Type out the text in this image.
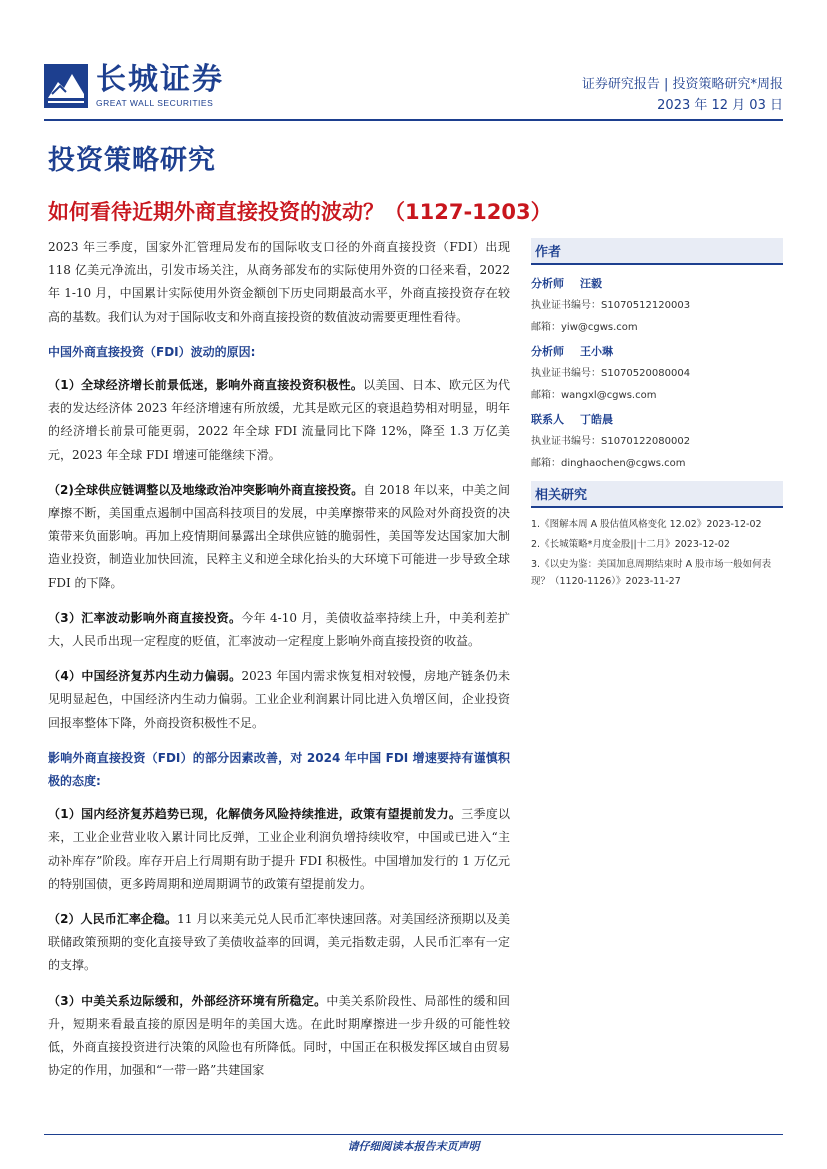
长城证券
GREAT WALL SECURITIES
证券研究报告 | 投资策略研究*周报
2023 年 12 月 03 日
投资策略研究
如何看待近期外商直接投资的波动？（1127-1203）

2023 年三季度，国家外汇管理局发布的国际收支口径的外商直接投资（FDI）出现 118 亿美元净流出，引发市场关注，从商务部发布的实际使用外资的口径来看，2022 年 1-10 月，中国累计实际使用外资金额创下历史同期最高水平，外商直接投资存在较高的基数。我们认为对于国际收支和外商直接投资的数值波动需要更理性看待。

中国外商直接投资（FDI）波动的原因:

（1）全球经济增长前景低迷，影响外商直接投资积极性。以美国、日本、欧元区为代表的发达经济体 2023 年经济增速有所放缓，尤其是欧元区的衰退趋势相对明显，明年的经济增长前景可能更弱，2022 年全球 FDI 流量同比下降 12%，降至 1.3 万亿美元，2023 年全球 FDI 增速可能继续下滑。

（2)全球供应链调整以及地缘政治冲突影响外商直接投资。自 2018 年以来，中美之间摩擦不断，美国重点遏制中国高科技项目的发展，中美摩擦带来的风险对外商投资的决策带来负面影响。再加上疫情期间暴露出全球供应链的脆弱性，美国等发达国家加大制造业投资，制造业加快回流，民粹主义和逆全球化抬头的大环境下可能进一步导致全球 FDI 的下降。

（3）汇率波动影响外商直接投资。今年 4-10 月，美债收益率持续上升，中美利差扩大，人民币出现一定程度的贬值，汇率波动一定程度上影响外商直接投资的收益。

（4）中国经济复苏内生动力偏弱。2023 年国内需求恢复相对较慢，房地产链条仍未见明显起色，中国经济内生动力偏弱。工业企业利润累计同比进入负增区间，企业投资回报率整体下降，外商投资积极性不足。

影响外商直接投资（FDI）的部分因素改善，对 2024 年中国 FDI 增速要持有谨慎积极的态度:

（1）国内经济复苏趋势已现，化解债务风险持续推进，政策有望提前发力。三季度以来，工业企业营业收入累计同比反弹，工业企业利润负增持续收窄，中国或已进入“主动补库存”阶段。库存开启上行周期有助于提升 FDI 积极性。中国增加发行的 1 万亿元的特别国债，更多跨周期和逆周期调节的政策有望提前发力。

（2）人民币汇率企稳。11 月以来美元兑人民币汇率快速回落。对美国经济预期以及美联储政策预期的变化直接导致了美债收益率的回调，美元指数走弱，人民币汇率有一定的支撑。

（3）中美关系边际缓和，外部经济环境有所稳定。中美关系阶段性、局部性的缓和回升，短期来看最直接的原因是明年的美国大选。在此时期摩擦进一步升级的可能性较低，外商直接投资进行决策的风险也有所降低。同时，中国正在积极发挥区域自由贸易协定的作用，加强和“一带一路”共建国家

作者
分析师 汪毅
执业证书编号：S1070512120003
邮箱：yiw@cgws.com
分析师 王小琳
执业证书编号：S1070520080004
邮箱：wangxl@cgws.com
联系人 丁皓晨
执业证书编号：S1070122080002
邮箱：dinghaochen@cgws.com
相关研究
1.《图解本周 A 股估值风格变化 12.02》2023-12-02
2.《长城策略*月度金股||十二月》2023-12-02
3.《以史为鉴：美国加息周期结束时 A 股市场一般如何表现？（1120-1126）》2023-11-27
请仔细阅读本报告末页声明
